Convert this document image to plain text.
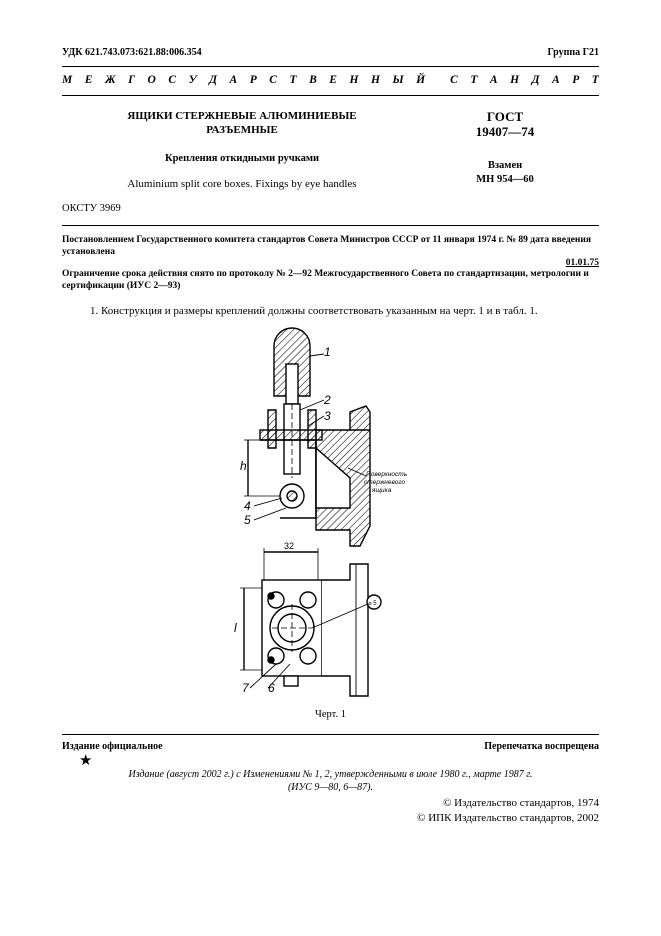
УДК 621.743.073:621.88:006.354	Группа Г21
М Е Ж Г О С У Д А Р С Т В Е Н Н Ы Й С Т А Н Д А Р Т
ЯЩИКИ СТЕРЖНЕВЫЕ АЛЮМИНИЕВЫЕ
РАЗЪЕМНЫЕ
ГОСТ
19407—74
Крепления откидными ручками
Взамен
МН 954—60
Aluminium split core boxes. Fixings by eye handles
ОКСТУ 3969
Постановлением Государственного комитета стандартов Совета Министров СССР от 11 января 1974 г. № 89 дата введения установлена
01.01.75
Ограничение срока действия снято по протоколу № 2—92 Межгосударственного Совета по стандартизации, метрологии и сертификации (ИУС 2—93)
1. Конструкция и размеры креплений должны соответствовать указанным на черт. 1 и в табл. 1.
1
2
3
4
5
6
7
h
l
32
⌀ 5
Поверхность
стержневого
ящика
Черт. 1
Издание официальное	Перепечатка воспрещена
★
Издание (август 2002 г.) с Изменениями № 1, 2, утвержденными в июле 1980 г., марте 1987 г.
(ИУС 9—80, 6—87).
© Издательство стандартов, 1974
© ИПК Издательство стандартов, 2002
